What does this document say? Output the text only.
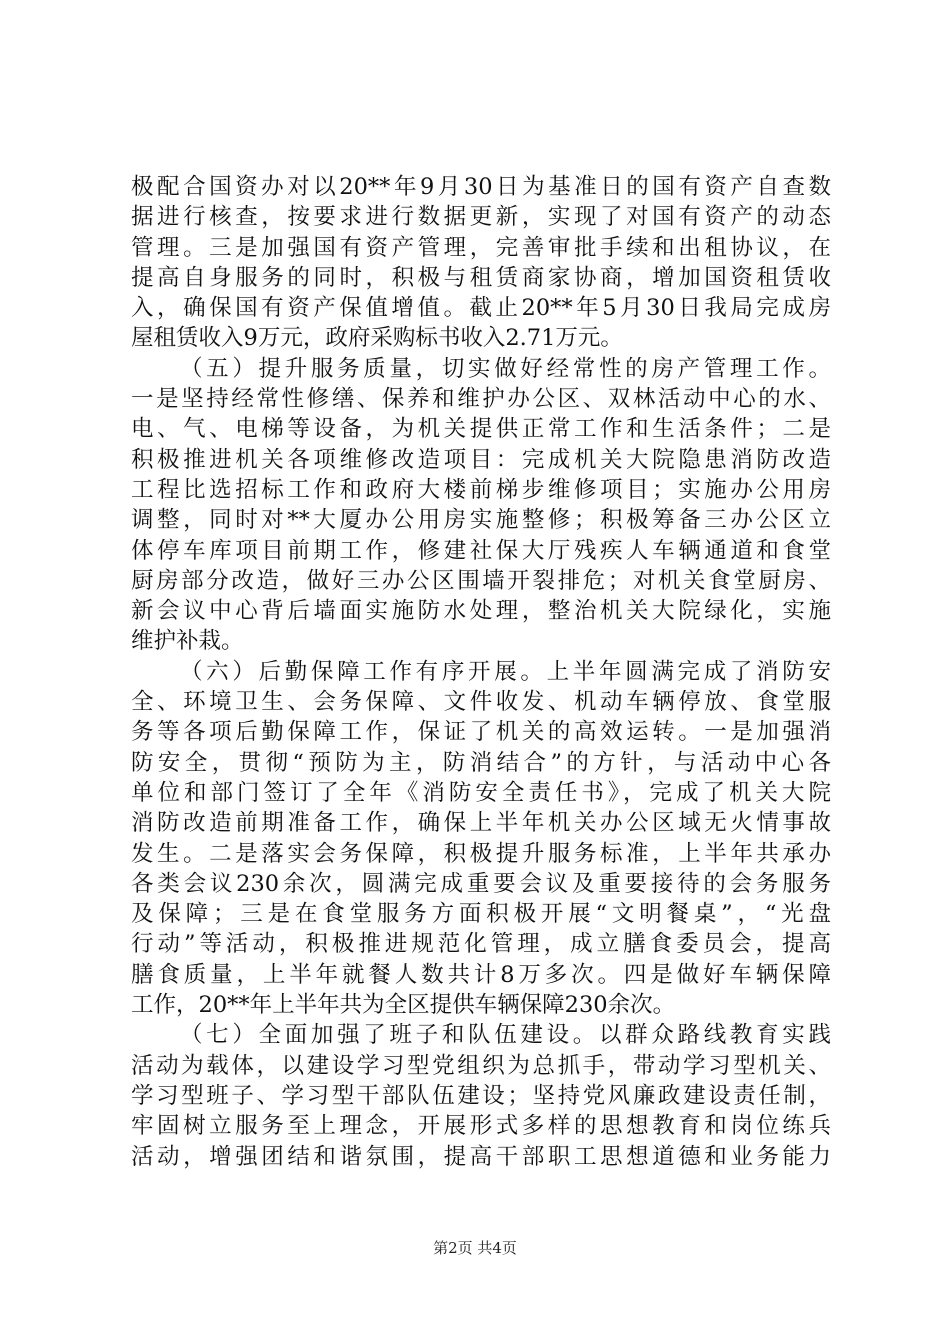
极配合国资办对以20**年9月30日为基准日的国有资产自查数
据进行核查，按要求进行数据更新，实现了对国有资产的动态
管理。三是加强国有资产管理，完善审批手续和出租协议，在
提高自身服务的同时，积极与租赁商家协商，增加国资租赁收
入，确保国有资产保值增值。截止20**年5月30日我局完成房
屋租赁收入9万元，政府采购标书收入2.71万元。
（五）提升服务质量，切实做好经常性的房产管理工作。
一是坚持经常性修缮、保养和维护办公区、双林活动中心的水、
电、气、电梯等设备，为机关提供正常工作和生活条件；二是
积极推进机关各项维修改造项目：完成机关大院隐患消防改造
工程比选招标工作和政府大楼前梯步维修项目；实施办公用房
调整，同时对**大厦办公用房实施整修；积极筹备三办公区立
体停车库项目前期工作，修建社保大厅残疾人车辆通道和食堂
厨房部分改造，做好三办公区围墙开裂排危；对机关食堂厨房、
新会议中心背后墙面实施防水处理，整治机关大院绿化，实施
维护补栽。
（六）后勤保障工作有序开展。上半年圆满完成了消防安
全、环境卫生、会务保障、文件收发、机动车辆停放、食堂服
务等各项后勤保障工作，保证了机关的高效运转。一是加强消
防安全，贯彻“预防为主，防消结合”的方针，与活动中心各
单位和部门签订了全年《消防安全责任书》，完成了机关大院
消防改造前期准备工作，确保上半年机关办公区域无火情事故
发生。二是落实会务保障，积极提升服务标准，上半年共承办
各类会议230余次，圆满完成重要会议及重要接待的会务服务
及保障；三是在食堂服务方面积极开展“文明餐桌”，“光盘
行动”等活动，积极推进规范化管理，成立膳食委员会，提高
膳食质量，上半年就餐人数共计8万多次。四是做好车辆保障
工作，20**年上半年共为全区提供车辆保障230余次。
（七）全面加强了班子和队伍建设。以群众路线教育实践
活动为载体，以建设学习型党组织为总抓手，带动学习型机关、
学习型班子、学习型干部队伍建设；坚持党风廉政建设责任制，
牢固树立服务至上理念，开展形式多样的思想教育和岗位练兵
活动，增强团结和谐氛围，提高干部职工思想道德和业务能力
第2页 共4页
